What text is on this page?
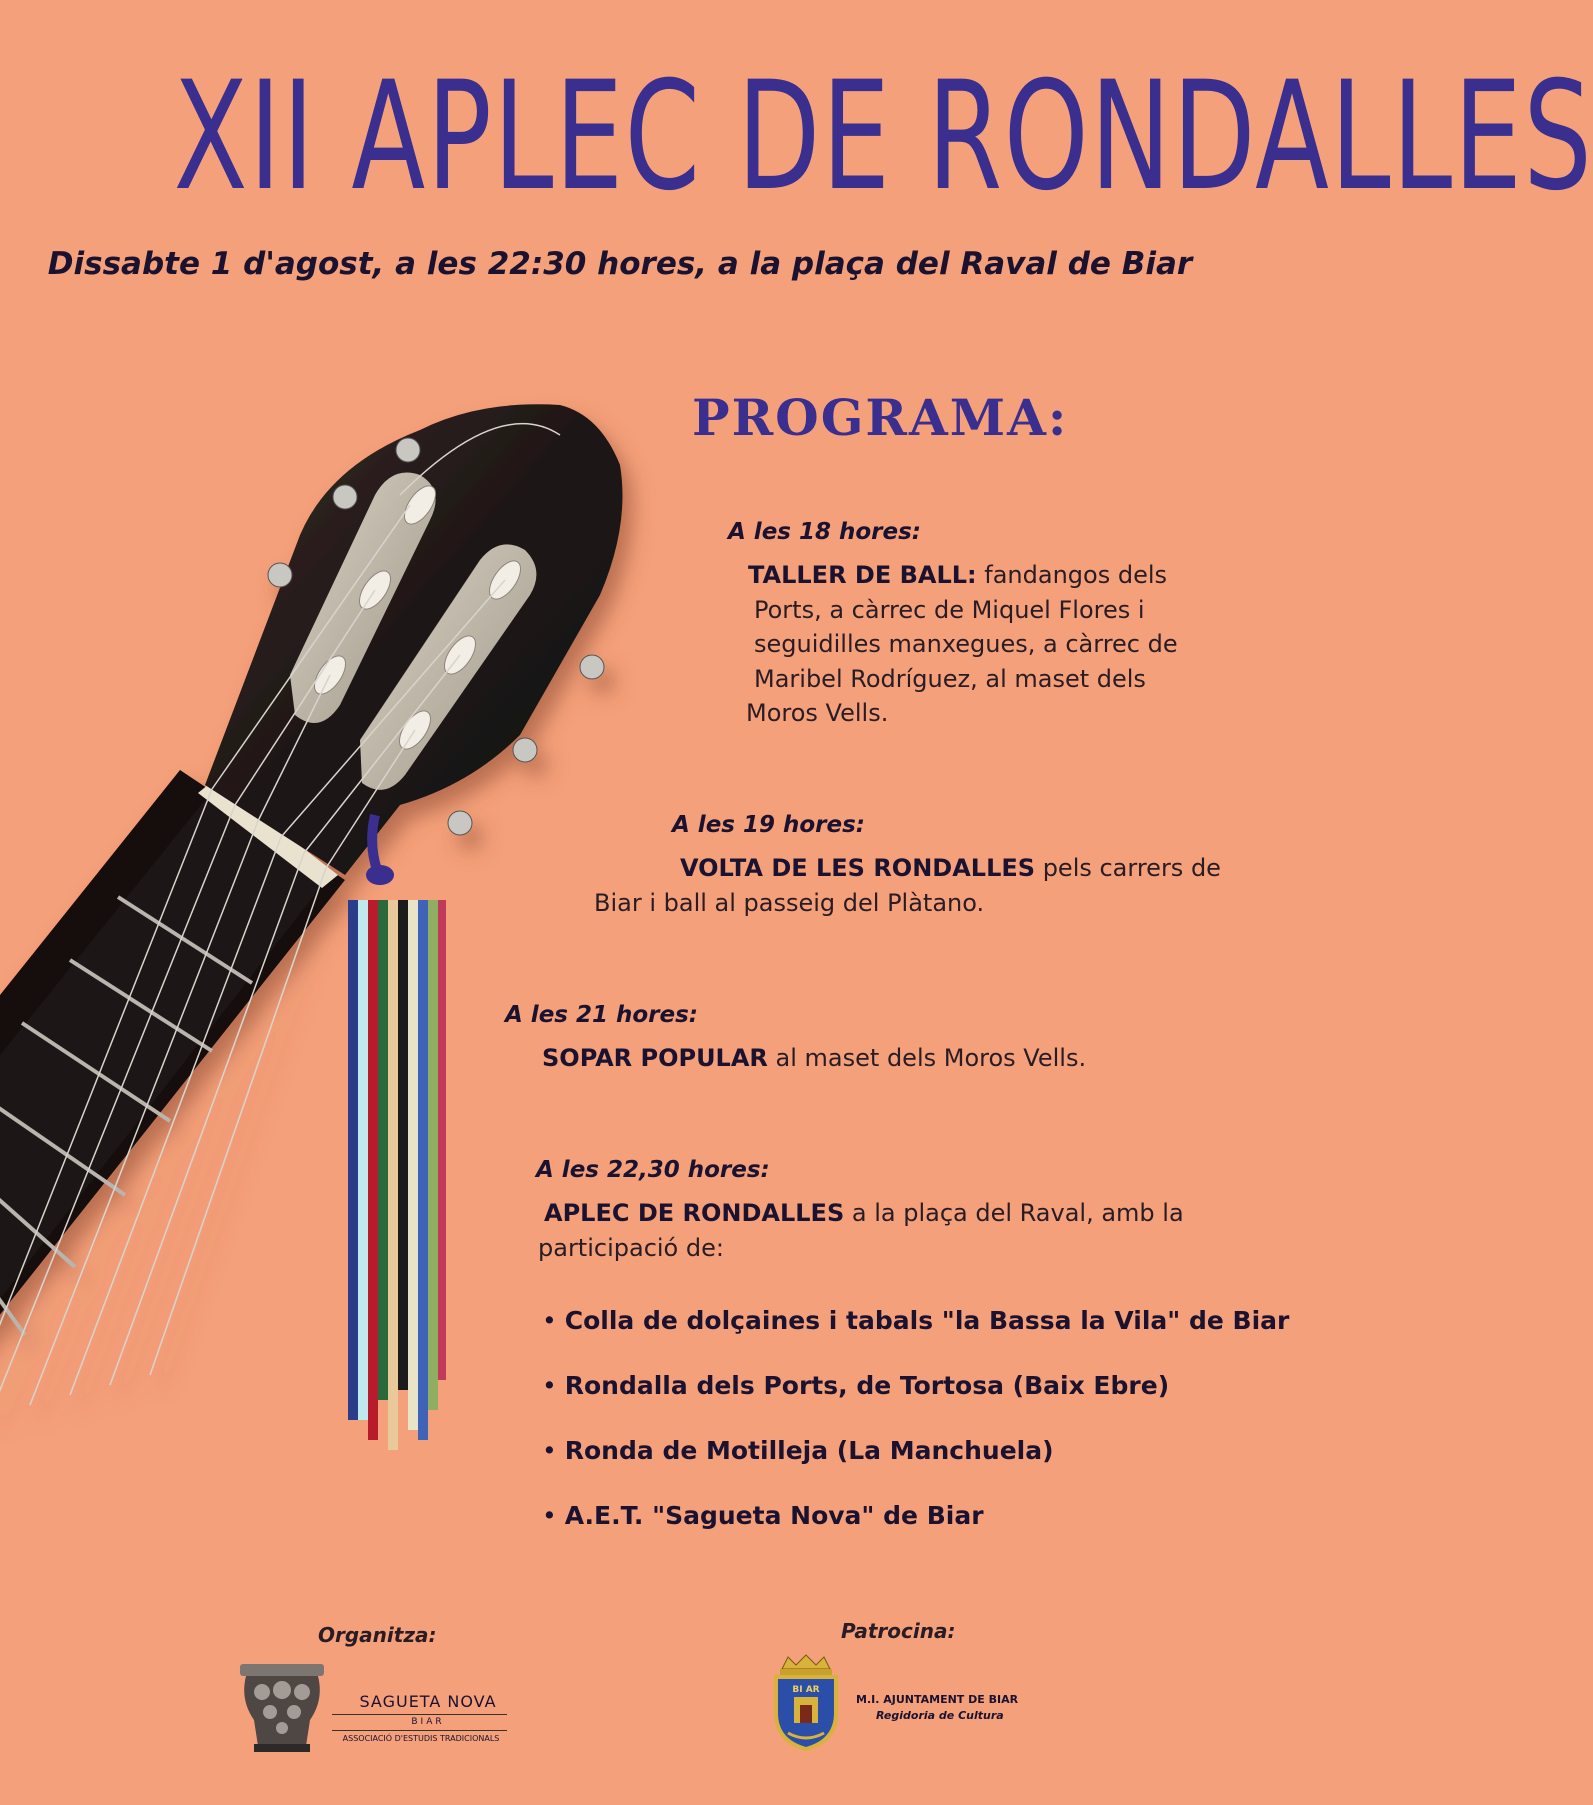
XII APLEC DE RONDALLES
Dissabte 1 d'agost, a les 22:30 hores, a la plaça del Raval de Biar
PROGRAMA:
A les 18 hores:
TALLER DE BALL: fandangos dels
Ports, a càrrec de Miquel Flores i
seguidilles manxegues, a càrrec de
Maribel Rodríguez, al maset dels
Moros Vells.
A les 19 hores:
VOLTA DE LES RONDALLES pels carrers de
Biar i ball al passeig del Plàtano.
A les 21 hores:
SOPAR POPULAR al maset dels Moros Vells.
A les 22,30 hores:
APLEC DE RONDALLES a la plaça del Raval, amb la
participació de:
• Colla de dolçaines i tabals "la Bassa la Vila" de Biar
• Rondalla dels Ports, de Tortosa (Baix Ebre)
• Ronda de Motilleja (La Manchuela)
• A.E.T. "Sagueta Nova" de Biar
Organitza:	Patrocina:
SAGUETA NOVA
BIAR
ASSOCIACIÓ D'ESTUDIS TRADICIONALS
BI AR
M.I. AJUNTAMENT DE BIAR
Regidoria de Cultura
